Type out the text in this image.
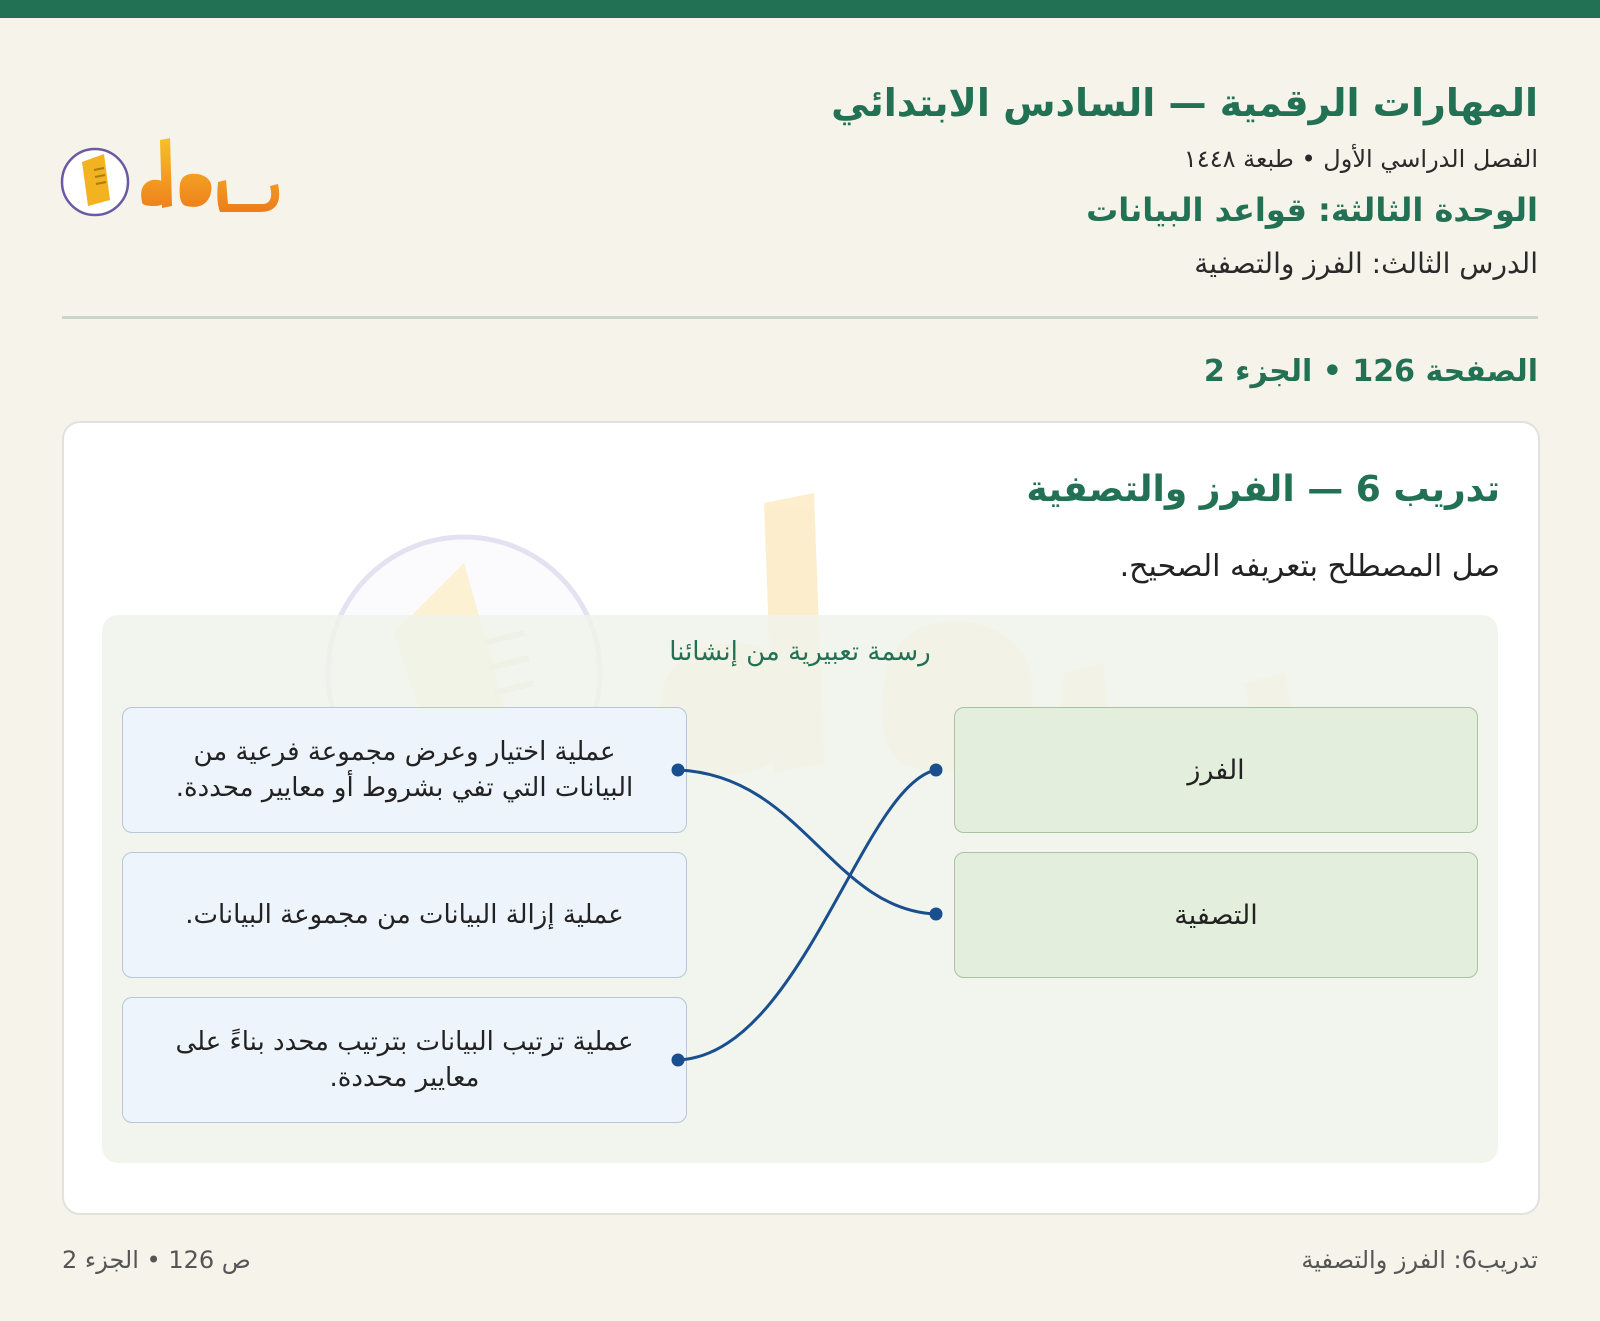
المهارات الرقمية — السادس الابتدائي
الفصل الدراسي الأول • طبعة ١٤٤٨
الوحدة الثالثة: قواعد البيانات
الدرس الثالث: الفرز والتصفية
الصفحة 126 • الجزء 2
تدريب 6 — الفرز والتصفية
صل المصطلح بتعريفه الصحيح.
رسمة تعبيرية من إنشائنا
عملية اختيار وعرض مجموعة فرعية من البيانات التي تفي بشروط أو معايير محددة.
عملية إزالة البيانات من مجموعة البيانات.
عملية ترتيب البيانات بترتيب محدد بناءً على معايير محددة.
الفرز
التصفية
تدريب6: الفرز والتصفية
ص 126 • الجزء 2
